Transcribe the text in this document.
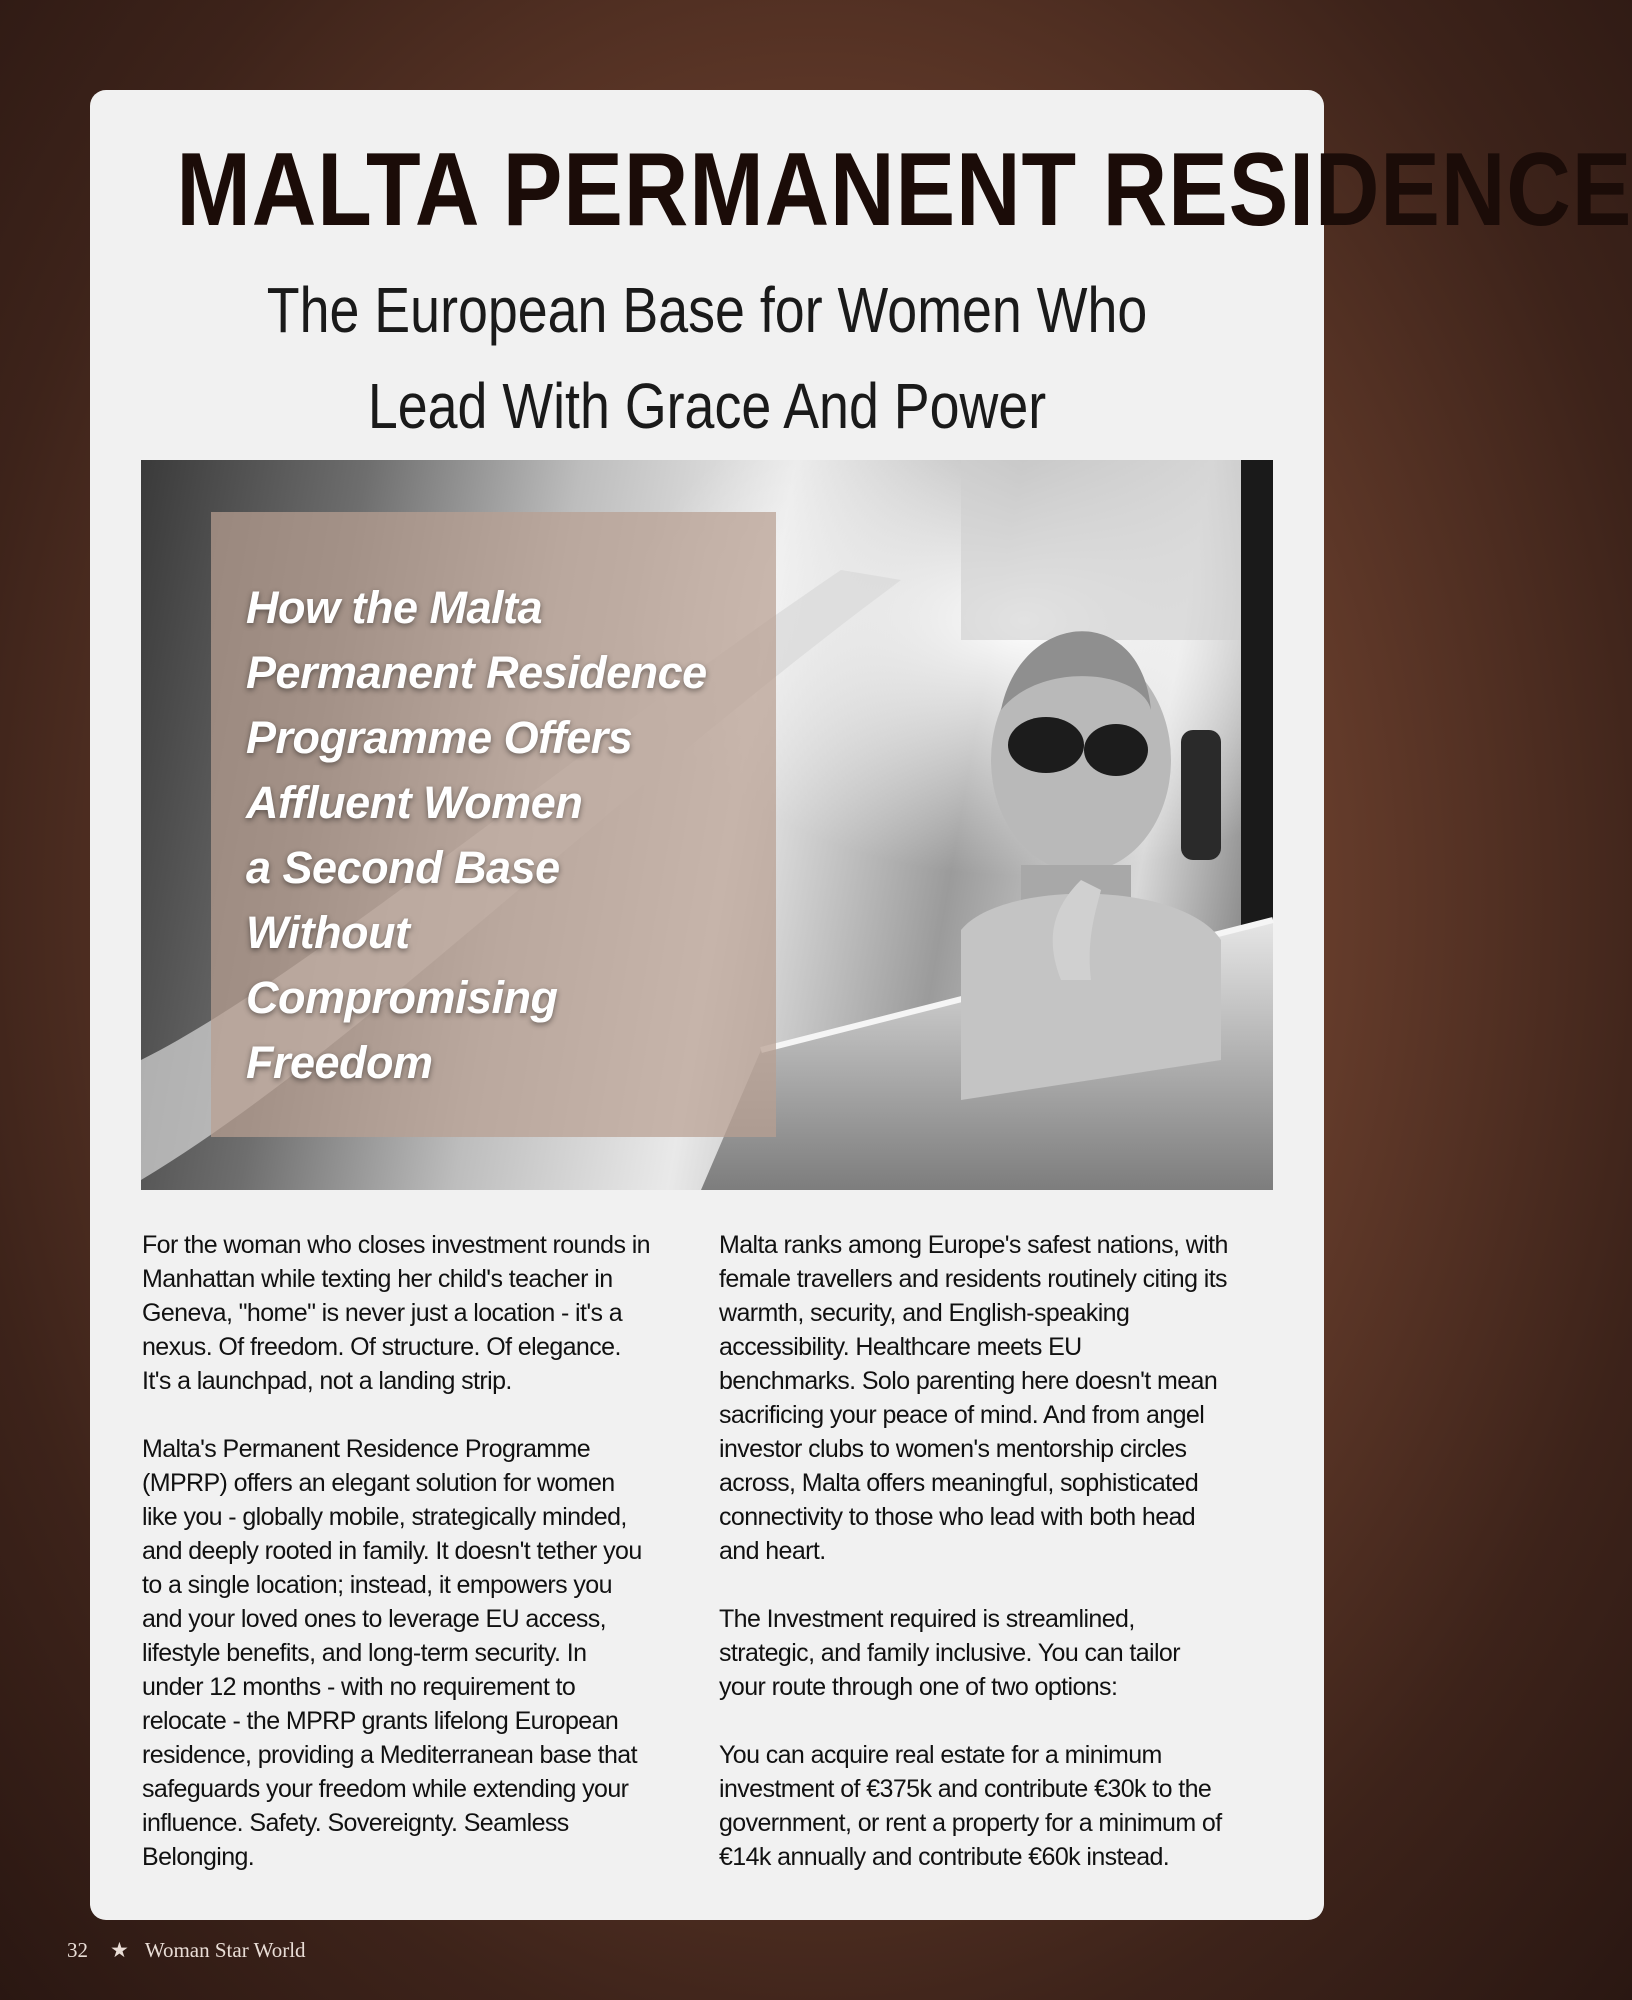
MALTA PERMANENT RESIDENCE
The European Base for Women Who
Lead With Grace And Power
How the Malta
Permanent Residence
Programme Offers
Affluent Women
a Second Base
Without
Compromising
Freedom

For the woman who closes investment rounds in
Manhattan while texting her child's teacher in
Geneva, "home" is never just a location - it's a
nexus. Of freedom. Of structure. Of elegance.
It's a launchpad, not a landing strip.

Malta's Permanent Residence Programme
(MPRP) offers an elegant solution for women
like you - globally mobile, strategically minded,
and deeply rooted in family. It doesn't tether you
to a single location; instead, it empowers you
and your loved ones to leverage EU access,
lifestyle benefits, and long-term security. In
under 12 months - with no requirement to
relocate - the MPRP grants lifelong European
residence, providing a Mediterranean base that
safeguards your freedom while extending your
influence. Safety. Sovereignty. Seamless
Belonging.

Malta ranks among Europe's safest nations, with
female travellers and residents routinely citing its
warmth, security, and English-speaking
accessibility. Healthcare meets EU
benchmarks. Solo parenting here doesn't mean
sacrificing your peace of mind. And from angel
investor clubs to women's mentorship circles
across, Malta offers meaningful, sophisticated
connectivity to those who lead with both head
and heart.

The Investment required is streamlined,
strategic, and family inclusive. You can tailor
your route through one of two options:

You can acquire real estate for a minimum
investment of €375k and contribute €30k to the
government, or rent a property for a minimum of
€14k annually and contribute €60k instead.

32 ★ Woman Star World
